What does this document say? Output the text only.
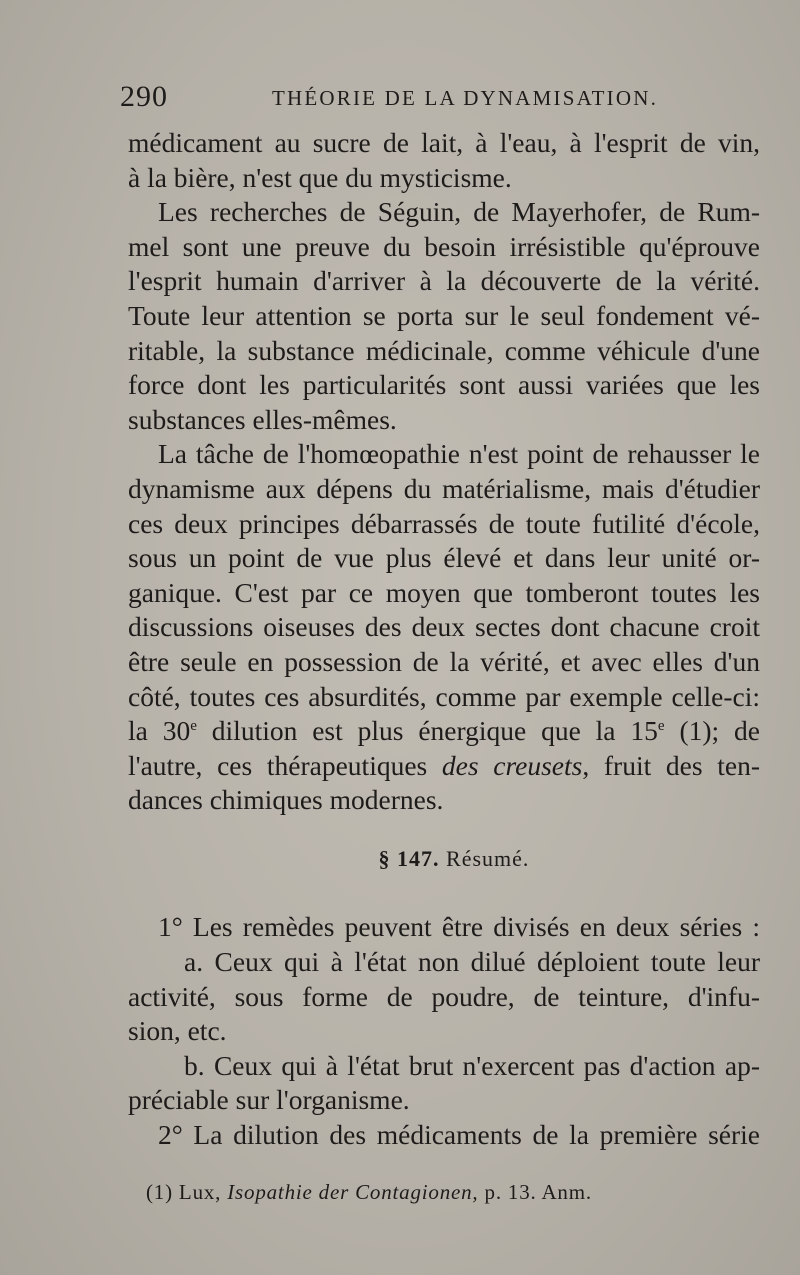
290	THÉORIE DE LA DYNAMISATION.
médicament au sucre de lait, à l'eau, à l'esprit de vin,
à la bière, n'est que du mysticisme.
Les recherches de Séguin, de Mayerhofer, de Rum-
mel sont une preuve du besoin irrésistible qu'éprouve
l'esprit humain d'arriver à la découverte de la vérité.
Toute leur attention se porta sur le seul fondement vé-
ritable, la substance médicinale, comme véhicule d'une
force dont les particularités sont aussi variées que les
substances elles-mêmes.
La tâche de l'homœopathie n'est point de rehausser le
dynamisme aux dépens du matérialisme, mais d'étudier
ces deux principes débarrassés de toute futilité d'école,
sous un point de vue plus élevé et dans leur unité or-
ganique. C'est par ce moyen que tomberont toutes les
discussions oiseuses des deux sectes dont chacune croit
être seule en possession de la vérité, et avec elles d'un
côté, toutes ces absurdités, comme par exemple celle-ci:
la 30e dilution est plus énergique que la 15e (1); de
l'autre, ces thérapeutiques des creusets, fruit des ten-
dances chimiques modernes.
§ 147. Résumé.
1° Les remèdes peuvent être divisés en deux séries :
a. Ceux qui à l'état non dilué déploient toute leur
activité, sous forme de poudre, de teinture, d'infu-
sion, etc.
b. Ceux qui à l'état brut n'exercent pas d'action ap-
préciable sur l'organisme.
2° La dilution des médicaments de la première série
(1) Lux, Isopathie der Contagionen, p. 13. Anm.
